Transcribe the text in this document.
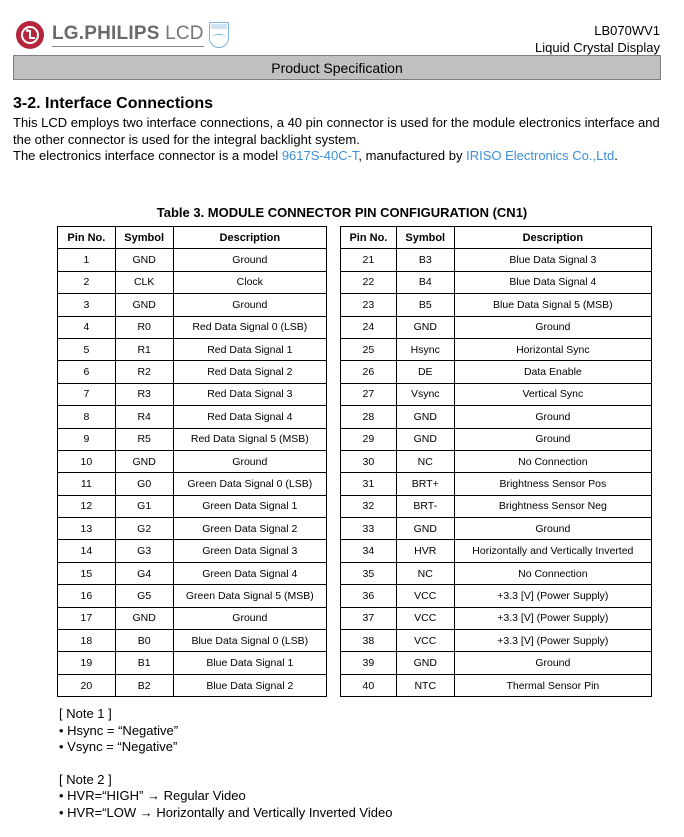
LG.PHILIPS LCD	LB070WV1
Liquid Crystal Display
Product Specification
3-2. Interface Connections
This LCD employs two interface connections, a 40 pin connector is used for the module electronics interface and the other connector is used for the integral backlight system.
The electronics interface connector is a model 9617S-40C-T, manufactured by IRISO Electronics Co.,Ltd.
Table 3. MODULE CONNECTOR PIN CONFIGURATION (CN1)
Pin No.	Symbol	Description
1	GND	Ground
2	CLK	Clock
3	GND	Ground
4	R0	Red Data Signal 0 (LSB)
5	R1	Red Data Signal 1
6	R2	Red Data Signal 2
7	R3	Red Data Signal 3
8	R4	Red Data Signal 4
9	R5	Red Data Signal 5 (MSB)
10	GND	Ground
11	G0	Green Data Signal 0 (LSB)
12	G1	Green Data Signal 1
13	G2	Green Data Signal 2
14	G3	Green Data Signal 3
15	G4	Green Data Signal 4
16	G5	Green Data Signal 5 (MSB)
17	GND	Ground
18	B0	Blue Data Signal 0 (LSB)
19	B1	Blue Data Signal 1
20	B2	Blue Data Signal 2
Pin No.	Symbol	Description
21	B3	Blue Data Signal 3
22	B4	Blue Data Signal 4
23	B5	Blue Data Signal 5 (MSB)
24	GND	Ground
25	Hsync	Horizontal Sync
26	DE	Data Enable
27	Vsync	Vertical Sync
28	GND	Ground
29	GND	Ground
30	NC	No Connection
31	BRT+	Brightness Sensor Pos
32	BRT-	Brightness Sensor Neg
33	GND	Ground
34	HVR	Horizontally and Vertically Inverted
35	NC	No Connection
36	VCC	+3.3 [V] (Power Supply)
37	VCC	+3.3 [V] (Power Supply)
38	VCC	+3.3 [V] (Power Supply)
39	GND	Ground
40	NTC	Thermal Sensor Pin
[ Note 1 ]
• Hsync = “Negative”
• Vsync = “Negative”
[ Note 2 ]
• HVR=“HIGH” → Regular Video
• HVR=“LOW → Horizontally and Vertically Inverted Video
